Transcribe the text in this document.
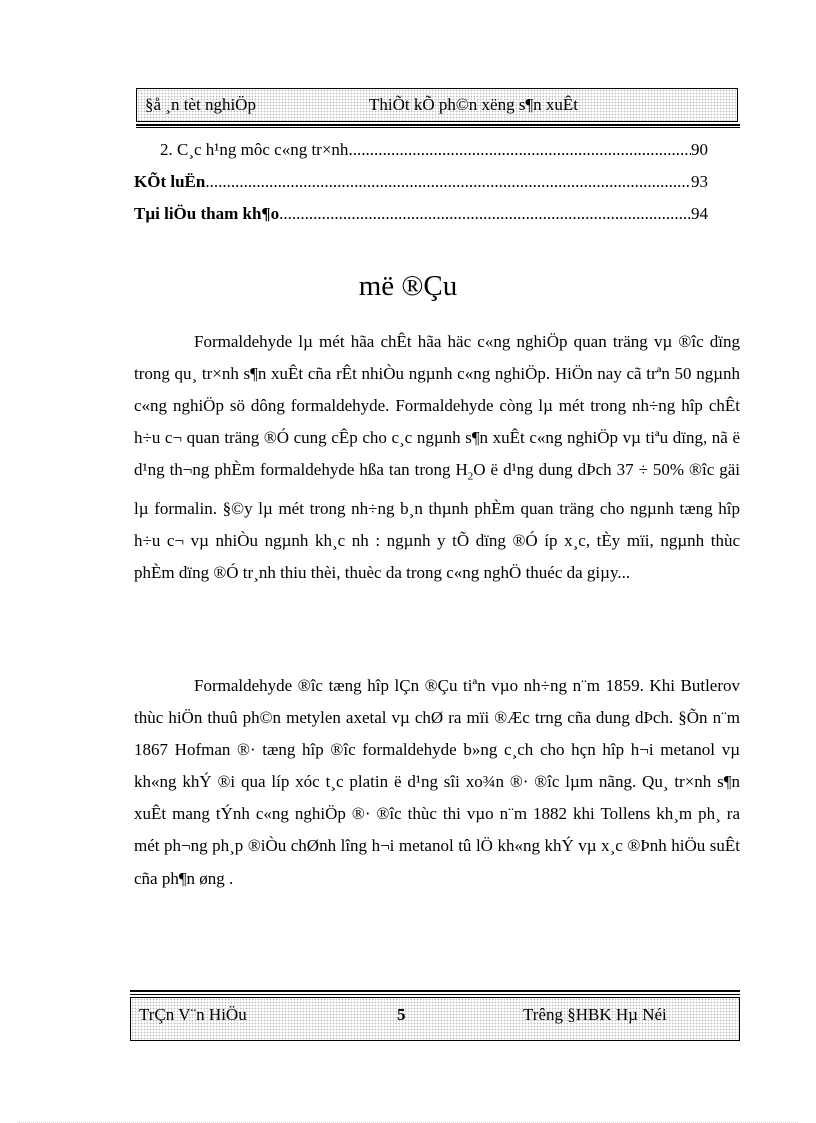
§å ¸n tèt nghiÖp	ThiÕt kÕ ph©n xëng s¶n xuÊt
2. C¸c h¹ng môc c«ng tr×nh .....	90
KÕt luËn .....	93
Tµi liÖu tham kh¶o .....	94
më ®Çu

Formaldehyde lµ mét hãa chÊt hãa häc c«ng nghiÖp quan träng vµ ®îc dïng trong qu¸ tr×nh s¶n xuÊt cña rÊt nhiÒu ngµnh c«ng nghiÖp. HiÖn nay cã trªn 50 ngµnh c«ng nghiÖp sö dông formaldehyde. Formaldehyde còng lµ mét trong nh÷ng hîp chÊt h÷u c¬ quan träng ®Ó cung cÊp cho c¸c ngµnh s¶n xuÊt c«ng nghiÖp vµ tiªu dïng, nã ë d¹ng th¬ng phÈm formaldehyde hßa tan trong $H_2O$ ë d¹ng dung dÞch 37 ÷ 50% ®îc gäi lµ formalin. §©y lµ mét trong nh÷ng b¸n thµnh phÈm quan träng cho ngµnh tæng hîp h÷u c¬ vµ nhiÒu ngµnh kh¸c nh : ngµnh y tÕ dïng ®Ó íp x¸c, tÈy mïi, ngµnh thùc phÈm dïng ®Ó tr¸nh thiu thèi, thuèc da trong c«ng nghÖ thuéc da giµy...

Formaldehyde ®îc tæng hîp lÇn ®Çu tiªn vµo nh÷ng n¨m 1859. Khi Butlerov thùc hiÖn thuû ph©n metylen axetal vµ chØ ra mïi ®Æc trng cña dung dÞch. §Õn n¨m 1867 Hofman ®· tæng hîp ®îc formaldehyde b»ng c¸ch cho hçn hîp h¬i metanol vµ kh«ng khÝ ®i qua líp xóc t¸c platin ë d¹ng sîi xo¾n ®· ®îc lµm nãng. Qu¸ tr×nh s¶n xuÊt mang tÝnh c«ng nghiÖp ®· ®îc thùc thi vµo n¨m 1882 khi Tollens kh¸m ph¸ ra mét ph¬ng ph¸p ®iÒu chØnh lîng h¬i metanol tû lÖ kh«ng khÝ vµ x¸c ®Þnh hiÖu suÊt cña ph¶n øng .

TrÇn V¨n HiÖu	5	Trêng §HBK Hµ Néi
